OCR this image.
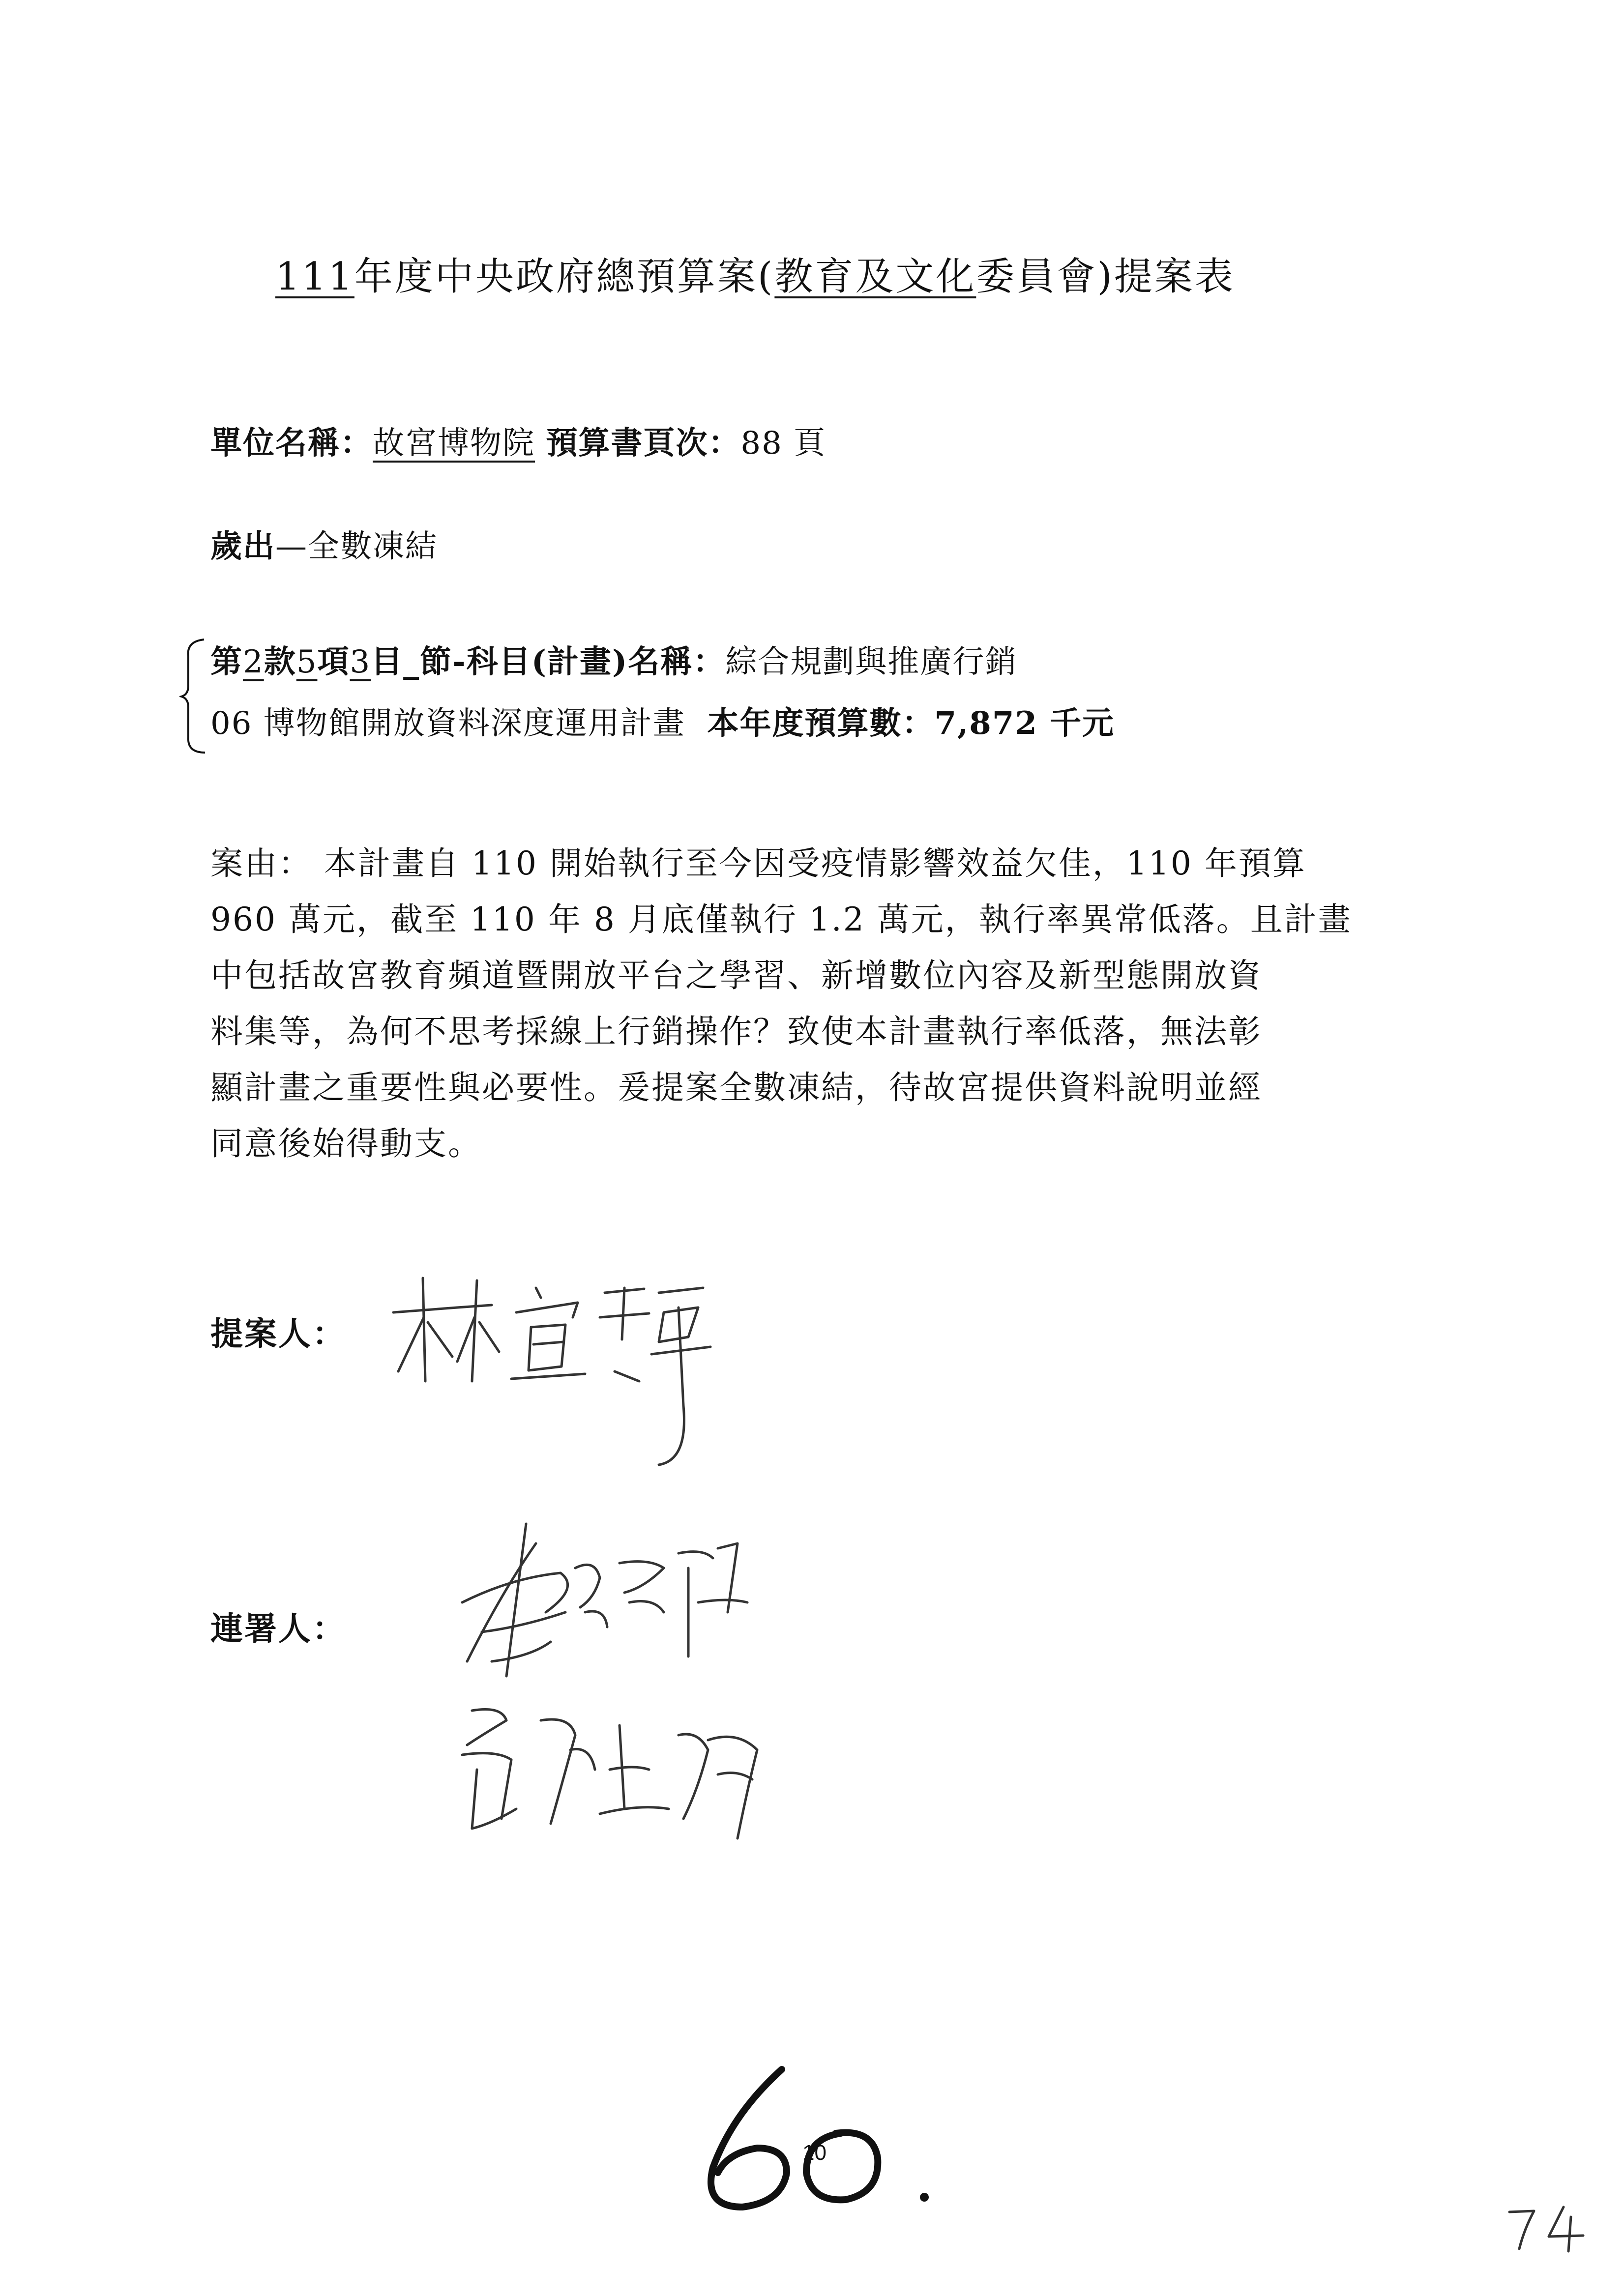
111年度中央政府總預算案(教育及文化委員會)提案表
單位名稱：故宮博物院 預算書頁次：88 頁
歲出—全數凍結
第2款5項3目_節-科目(計畫)名稱：綜合規劃與推廣行銷
06 博物館開放資料深度運用計畫 本年度預算數：7,872 千元

案由： 本計畫自 110 開始執行至今因受疫情影響效益欠佳，110 年預算

960 萬元，截至 110 年 8 月底僅執行 1.2 萬元，執行率異常低落。且計畫

中包括故宮教育頻道暨開放平台之學習、新增數位內容及新型態開放資

料集等，為何不思考採線上行銷操作？致使本計畫執行率低落，無法彰

顯計畫之重要性與必要性。爰提案全數凍結，待故宮提供資料說明並經

同意後始得動支。

提案人：
連署人：
10
